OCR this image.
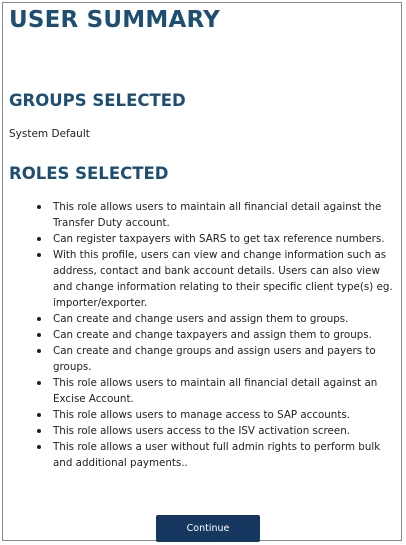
USER SUMMARY
GROUPS SELECTED
System Default
ROLES SELECTED
This role allows users to maintain all financial detail against the Transfer Duty account.
Can register taxpayers with SARS to get tax reference numbers.
With this profile, users can view and change information such as address, contact and bank account details. Users can also view and change information relating to their specific client type(s) eg. importer/exporter.
Can create and change users and assign them to groups.
Can create and change taxpayers and assign them to groups.
Can create and change groups and assign users and payers to groups.
This role allows users to maintain all financial detail against an Excise Account.
This role allows users to manage access to SAP accounts.
This role allows users access to the ISV activation screen.
This role allows a user without full admin rights to perform bulk and additional payments..
Continue
